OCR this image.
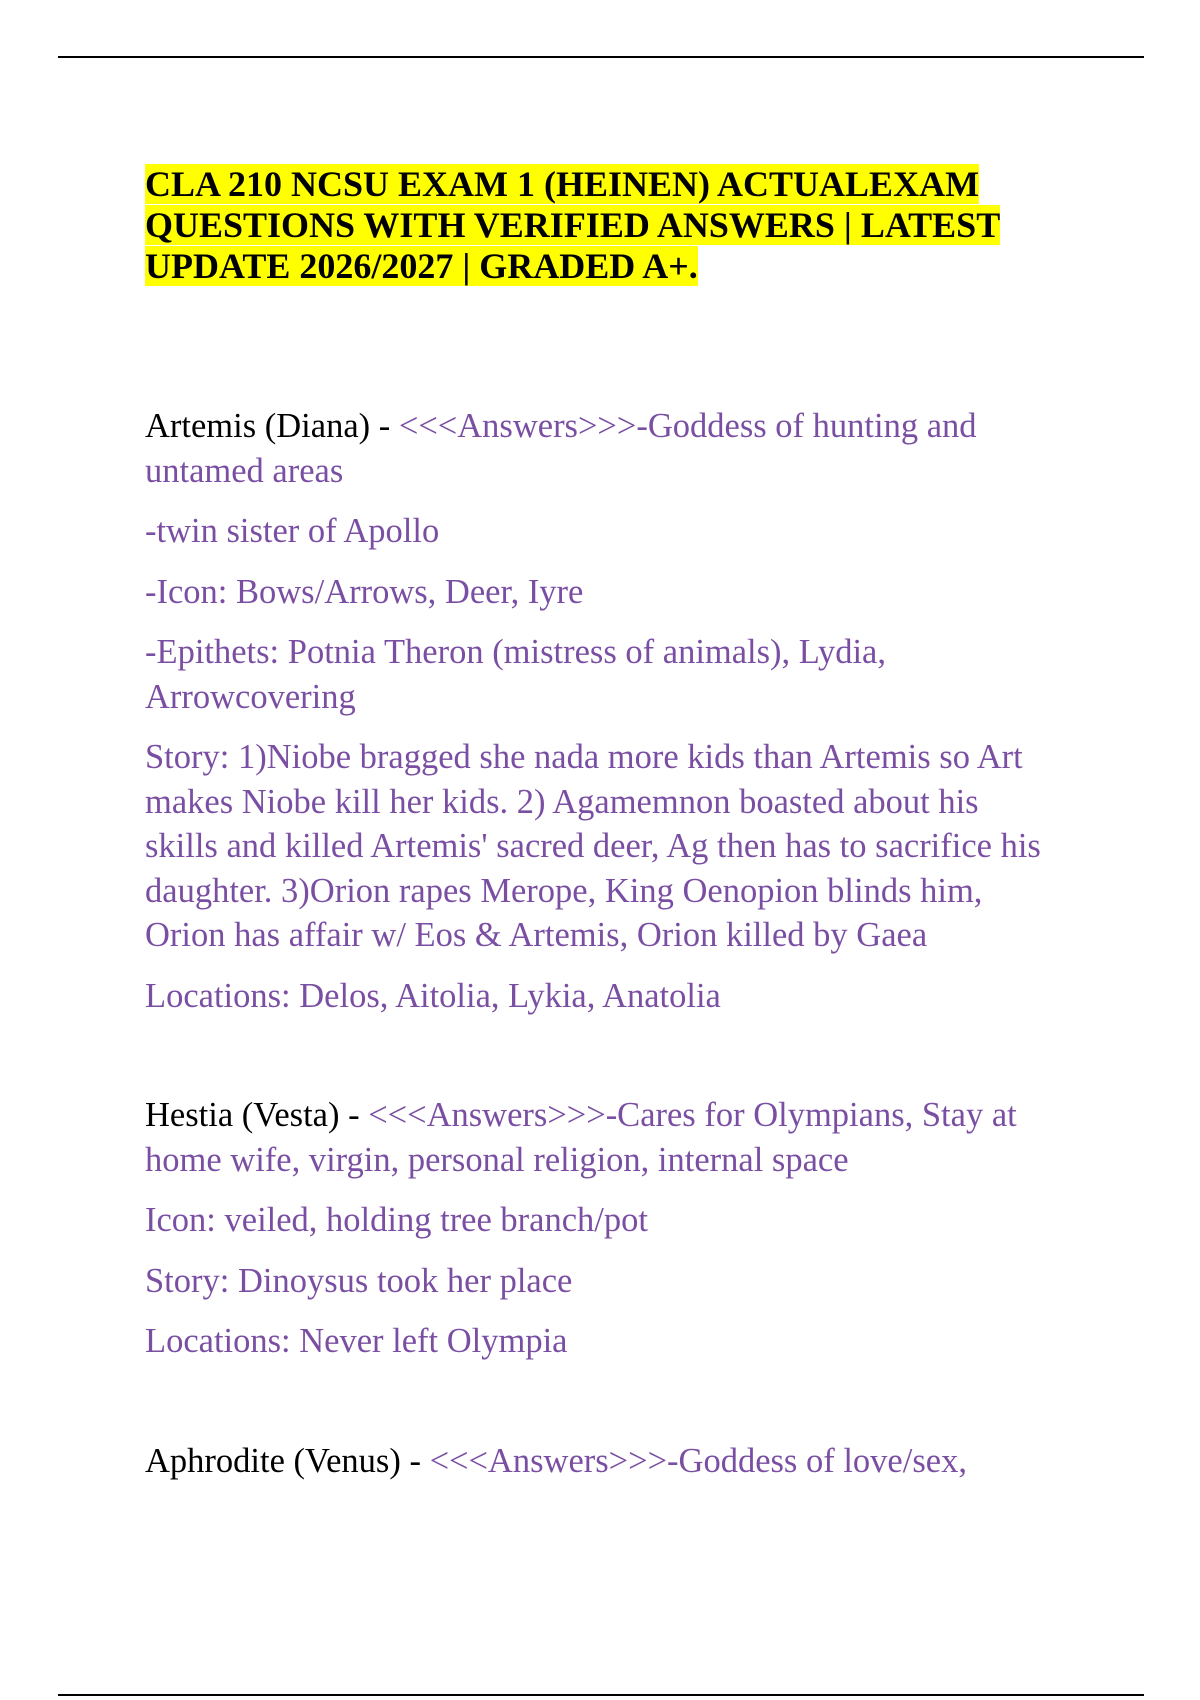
CLA 210 NCSU EXAM 1 (HEINEN) ACTUALEXAM QUESTIONS WITH VERIFIED ANSWERS | LATEST UPDATE 2026/2027 | GRADED A+.

Artemis (Diana) - <<<Answers>>>-Goddess of hunting and untamed areas

-twin sister of Apollo

-Icon: Bows/Arrows, Deer, Iyre

-Epithets: Potnia Theron (mistress of animals), Lydia, Arrowcovering

Story: 1)Niobe bragged she nada more kids than Artemis so Art makes Niobe kill her kids. 2) Agamemnon boasted about his skills and killed Artemis' sacred deer, Ag then has to sacrifice his daughter. 3)Orion rapes Merope, King Oenopion blinds him, Orion has affair w/ Eos & Artemis, Orion killed by Gaea

Locations: Delos, Aitolia, Lykia, Anatolia

Hestia (Vesta) - <<<Answers>>>-Cares for Olympians, Stay at home wife, virgin, personal religion, internal space

Icon: veiled, holding tree branch/pot

Story: Dinoysus took her place

Locations: Never left Olympia

Aphrodite (Venus) - <<<Answers>>>-Goddess of love/sex,
